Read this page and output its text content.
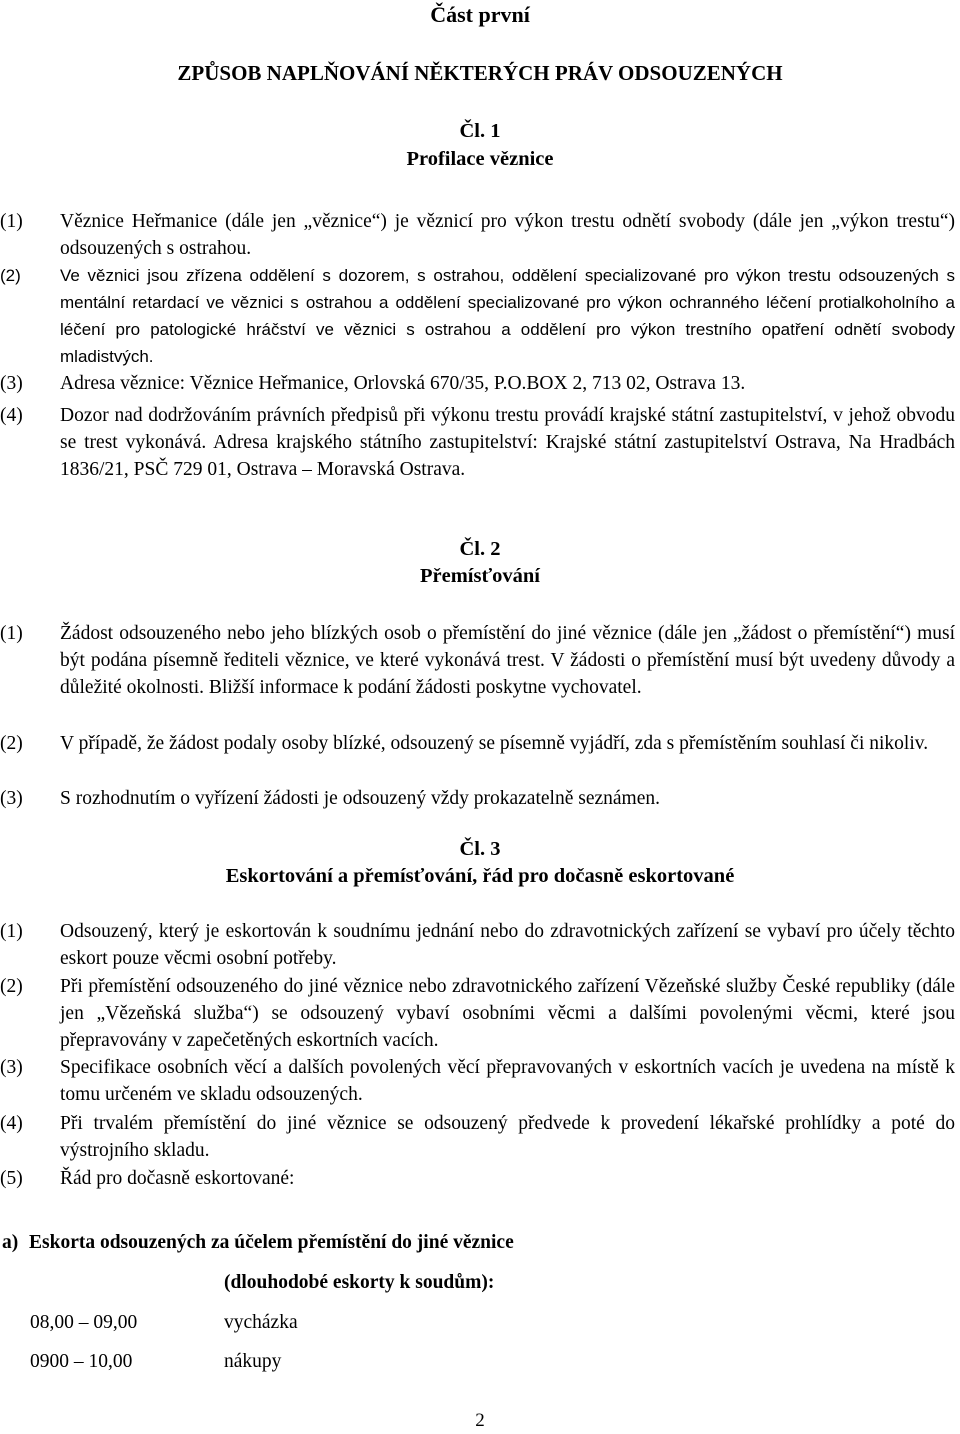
Část první
ZPŮSOB NAPLŇOVÁNÍ NĚKTERÝCH PRÁV ODSOUZENÝCH
Čl. 1
Profilace věznice
(1)	Věznice Heřmanice (dále jen „věznice“) je věznicí pro výkon trestu odnětí svobody (dále jen „výkon trestu“) odsouzených s ostrahou.
(2)	Ve věznici jsou zřízena oddělení s dozorem, s ostrahou, oddělení specializované pro výkon trestu odsouzených s mentální retardací ve věznici s ostrahou a oddělení specializované pro výkon ochranného léčení protialkoholního a léčení pro patologické hráčství ve věznici s ostrahou a oddělení pro výkon trestního opatření odnětí svobody mladistvých.
(3)	Adresa věznice: Věznice Heřmanice, Orlovská 670/35, P.O.BOX 2, 713 02, Ostrava 13.
(4)	Dozor nad dodržováním právních předpisů při výkonu trestu provádí krajské státní zastupitelství, v jehož obvodu se trest vykonává. Adresa krajského státního zastupitelství: Krajské státní zastupitelství Ostrava, Na Hradbách 1836/21, PSČ 729 01, Ostrava – Moravská Ostrava.
Čl. 2
Přemísťování
(1)	Žádost odsouzeného nebo jeho blízkých osob o přemístění do jiné věznice (dále jen „žádost o přemístění“) musí být podána písemně řediteli věznice, ve které vykonává trest. V žádosti o přemístění musí být uvedeny důvody a důležité okolnosti. Bližší informace k podání žádosti poskytne vychovatel.
(2)	V případě, že žádost podaly osoby blízké, odsouzený se písemně vyjádří, zda s přemístěním souhlasí či nikoliv.
(3)	S rozhodnutím o vyřízení žádosti je odsouzený vždy prokazatelně seznámen.
Čl. 3
Eskortování a přemísťování, řád pro dočasně eskortované
(1)	Odsouzený, který je eskortován k soudnímu jednání nebo do zdravotnických zařízení se vybaví pro účely těchto eskort pouze věcmi osobní potřeby.
(2)	Při přemístění odsouzeného do jiné věznice nebo zdravotnického zařízení Vězeňské služby České republiky (dále jen „Vězeňská služba“) se odsouzený vybaví osobními věcmi a dalšími povolenými věcmi, které jsou přepravovány v zapečetěných eskortních vacích.
(3)	Specifikace osobních věcí a dalších povolených věcí přepravovaných v eskortních vacích je uvedena na místě k tomu určeném ve skladu odsouzených.
(4)	Při trvalém přemístění do jiné věznice se odsouzený předvede k provedení lékařské prohlídky a poté do výstrojního skladu.
(5)	Řád pro dočasně eskortované:
a) Eskorta odsouzených za účelem přemístění do jiné věznice
(dlouhodobé eskorty k soudům):
08,00 – 09,00	vycházka
0900 – 10,00	nákupy
2
